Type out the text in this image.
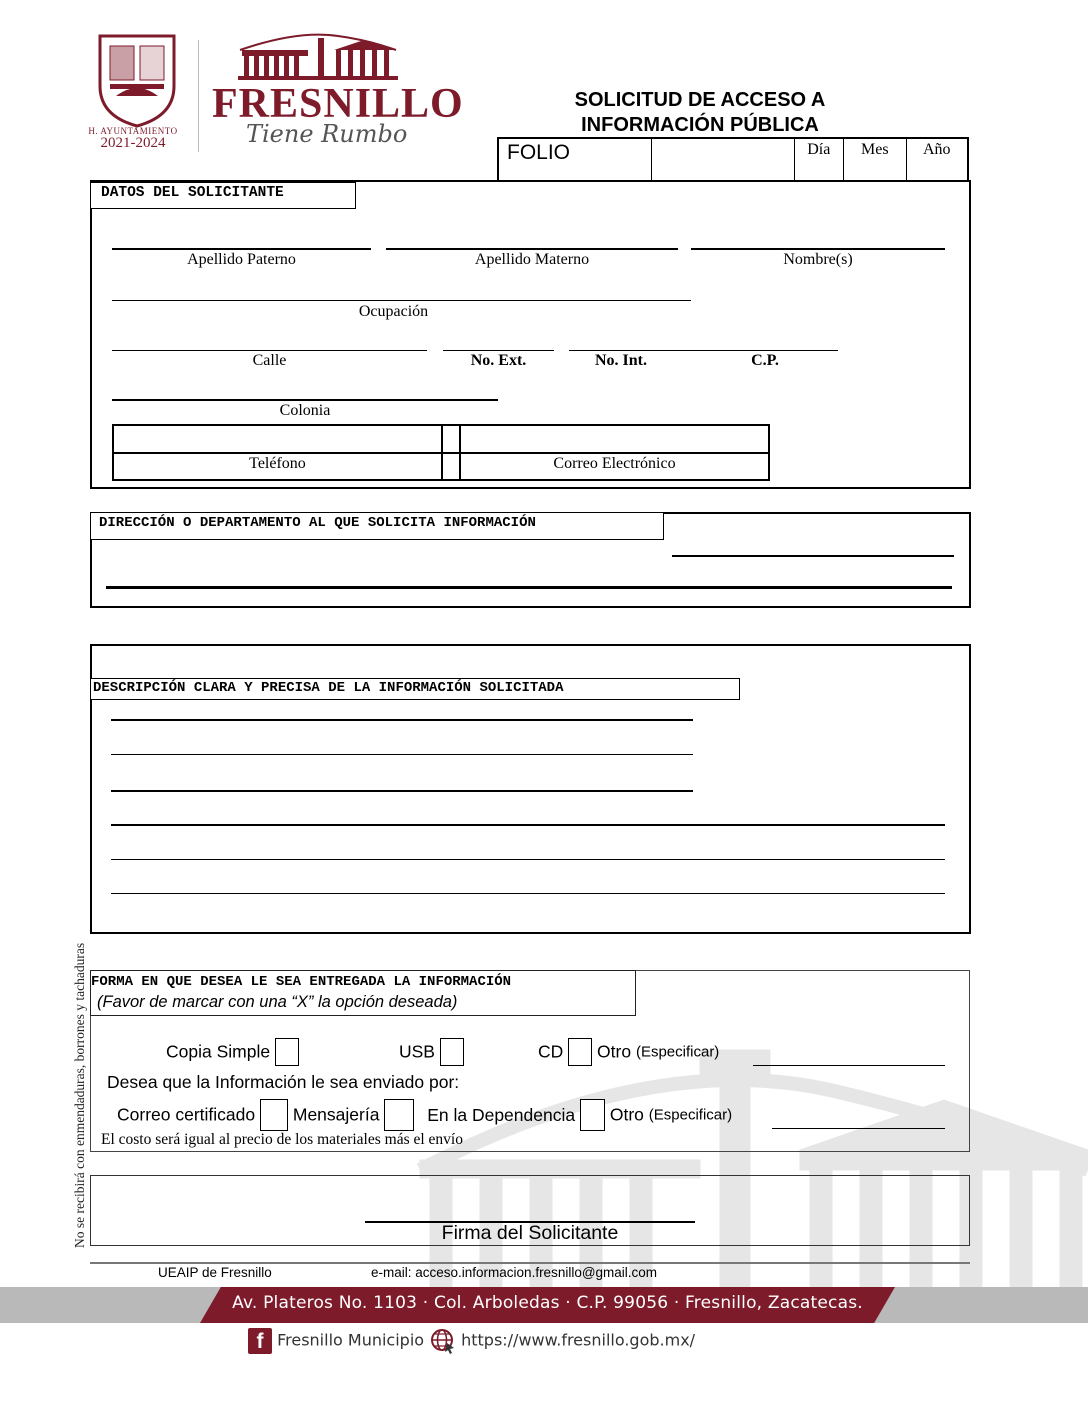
H. AYUNTAMIENTO
2021-2024
FRESNILLO
Tiene Rumbo
SOLICITUD DE ACCESO A
INFORMACIÓN PÚBLICA
FOLIO	Día	Mes	Año
DATOS DEL SOLICITANTE
Apellido Paterno	Apellido Materno	Nombre(s)
Ocupación
Calle	No. Ext.	No. Int.	C.P.
Colonia
Teléfono	Correo Electrónico
DIRECCIÓN O DEPARTAMENTO AL QUE SOLICITA INFORMACIÓN
DESCRIPCIÓN CLARA Y PRECISA DE LA INFORMACIÓN SOLICITADA
No se recibirá con enmendaduras, borrones y tachaduras FORMA EN QUE DESEA LE SEA ENTREGADA LA INFORMACIÓN
(Favor de marcar con una “X” la opción deseada)
Copia Simple	USB	CD Otro (Especificar)
Desea que la Información le sea enviado por:
Correo certificado Mensajería	En la Dependencia Otro (Especificar)
El costo será igual al precio de los materiales más el envío
Firma del Solicitante
UEAIP de Fresnillo	e-mail: acceso.informacion.fresnillo@gmail.com
Av. Plateros No. 1103 · Col. Arboledas · C.P. 99056 · Fresnillo, Zacatecas.
f Fresnillo Municipio	https://www.fresnillo.gob.mx/
